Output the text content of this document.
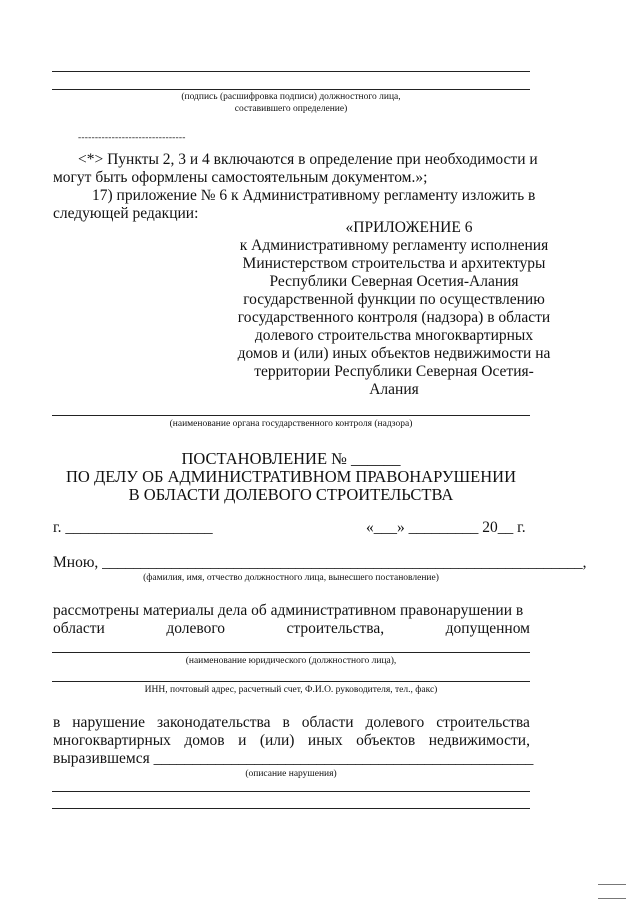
(подпись (расшифровка подписи) должностного лица,
составившего определение)
--------------------------------
<*> Пункты 2, 3 и 4 включаются в определение при необходимости и
могут быть оформлены самостоятельным документом.»;
17) приложение № 6 к Административному регламенту изложить в
следующей редакции:
«ПРИЛОЖЕНИЕ 6
к Административному регламенту исполнения
Министерством строительства и архитектуры
Республики Северная Осетия-Алания
государственной функции по осуществлению
государственного контроля (надзора) в области
долевого строительства многоквартирных
домов и (или) иных объектов недвижимости на
территории Республики Северная Осетия-
Алания
(наименование органа государственного контроля (надзора)
ПОСТАНОВЛЕНИЕ № ______
ПО ДЕЛУ ОБ АДМИНИСТРАТИВНОМ ПРАВОНАРУШЕНИИ
В ОБЛАСТИ ДОЛЕВОГО СТРОИТЕЛЬСТВА
г. ___________________	«___» _________ 20__ г.
Мною, ______________________________________________________________,
(фамилия, имя, отчество должностного лица, вынесшего постановление)
рассмотрены материалы дела об административном правонарушении в
области	долевого	строительства,	допущенном
(наименование юридического (должностного лица),
ИНН, почтовый адрес, расчетный счет, Ф.И.О. руководителя, тел., факс)
в нарушение законодательства в области долевого строительства
многоквартирных домов и (или) иных объектов недвижимости,
выразившемся _________________________________________________
(описание нарушения)
